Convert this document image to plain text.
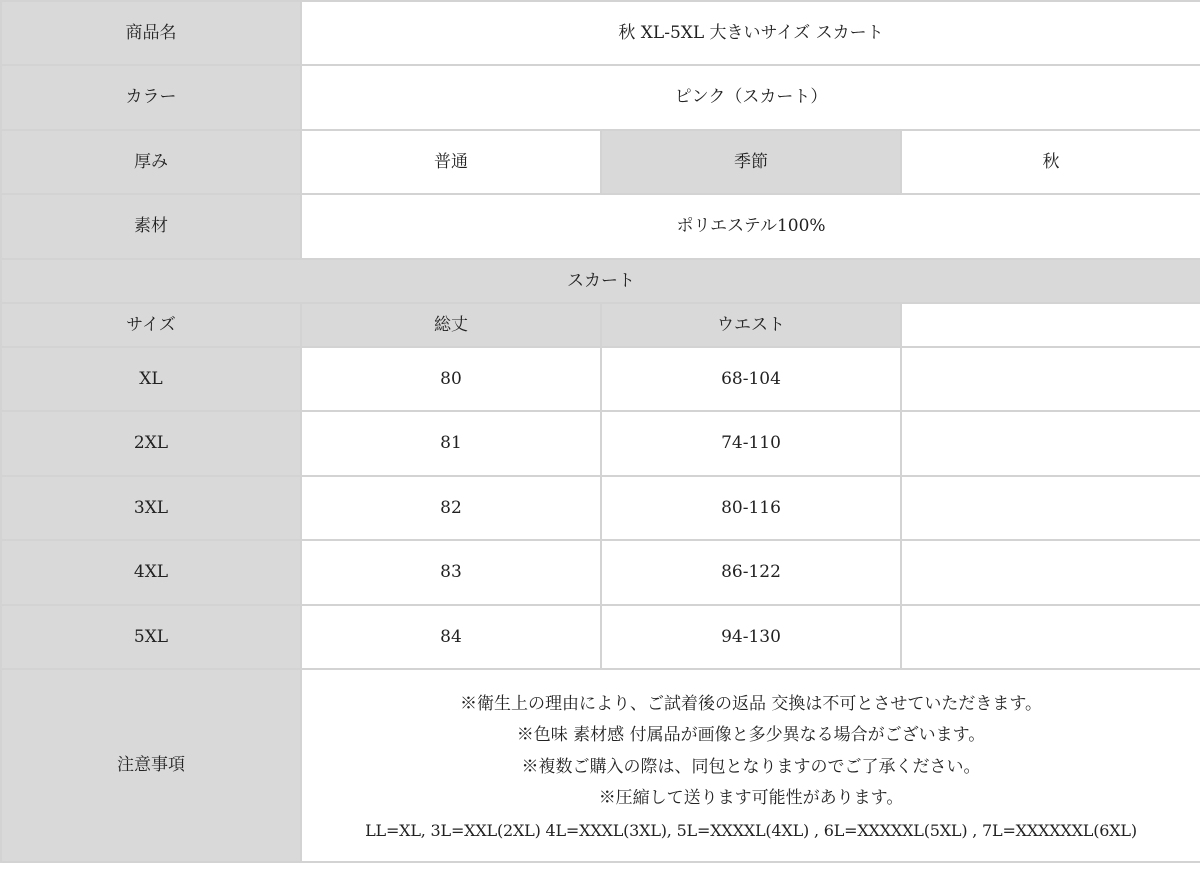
商品名	秋 XL-5XL 大きいサイズ スカート		
カラー	ピンク（スカート）		
厚み	普通	季節	秋
素材	ポリエステル100%		
スカート			
サイズ	総丈	ウエスト	
XL	80	68-104	
2XL	81	74-110	
3XL	82	80-116	
4XL	83	86-122	
5XL	84	94-130	
注意事項	※衛生上の理由により、ご試着後の返品 交換は不可とさせていただきます。
※色味 素材感 付属品が画像と多少異なる場合がございます。
※複数ご購入の際は、同包となりますのでご了承ください。
※圧縮して送ります可能性があります。
LL=XL, 3L=XXL(2XL) 4L=XXXL(3XL), 5L=XXXXL(4XL) , 6L=XXXXXL(5XL) , 7L=XXXXXXL(6XL)		
